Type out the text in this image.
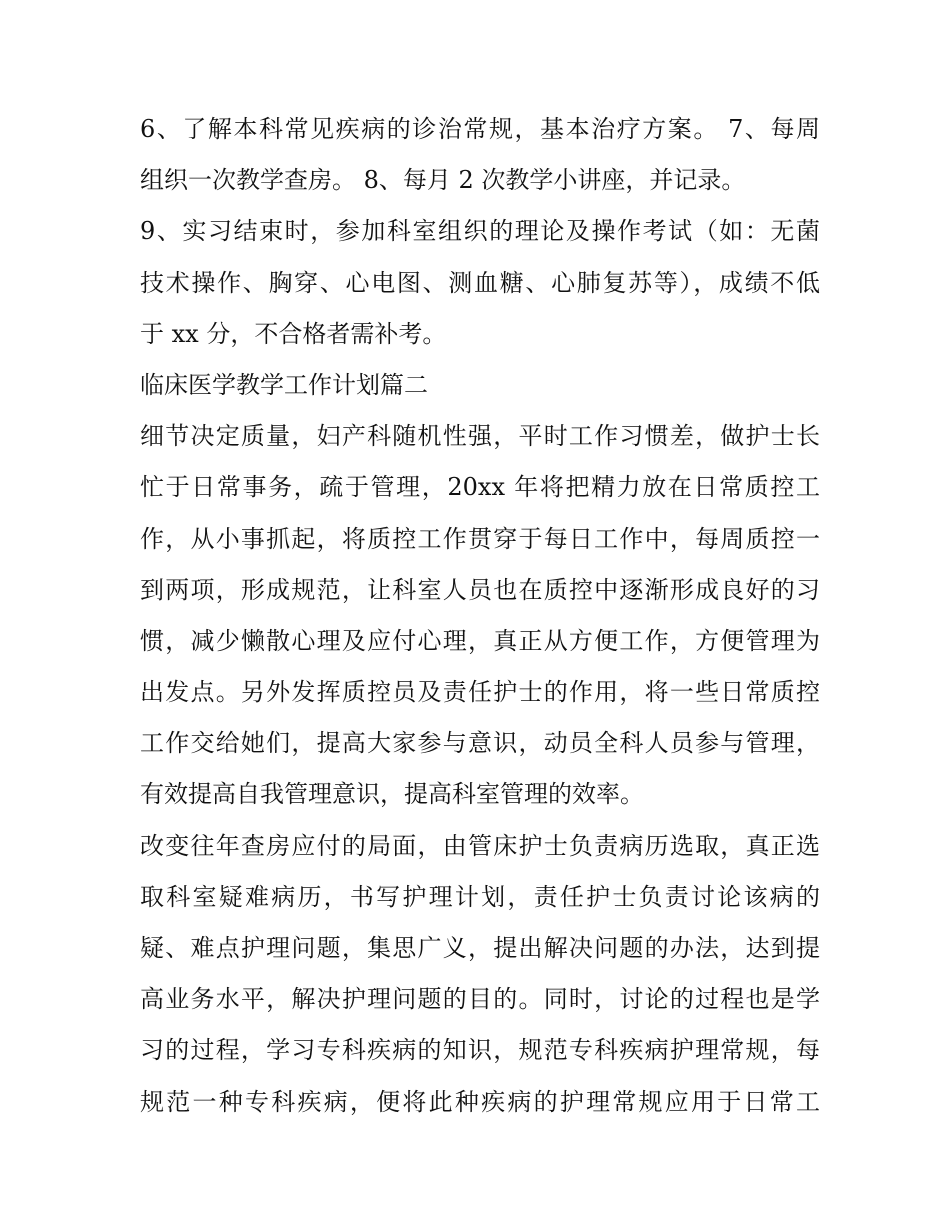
6、了解本科常见疾病的诊治常规，基本治疗方案。 7、每周
组织一次教学查房。 8、每月 2 次教学小讲座，并记录。
9、实习结束时，参加科室组织的理论及操作考试（如：无菌
技术操作、胸穿、心电图、测血糖、心肺复苏等），成绩不低
于 xx 分，不合格者需补考。
临床医学教学工作计划篇二
细节决定质量，妇产科随机性强，平时工作习惯差，做护士长
忙于日常事务，疏于管理，20xx 年将把精力放在日常质控工
作，从小事抓起，将质控工作贯穿于每日工作中，每周质控一
到两项，形成规范，让科室人员也在质控中逐渐形成良好的习
惯，减少懒散心理及应付心理，真正从方便工作，方便管理为
出发点。另外发挥质控员及责任护士的作用，将一些日常质控
工作交给她们，提高大家参与意识，动员全科人员参与管理，
有效提高自我管理意识，提高科室管理的效率。
改变往年查房应付的局面，由管床护士负责病历选取，真正选
取科室疑难病历，书写护理计划，责任护士负责讨论该病的
疑、难点护理问题，集思广义，提出解决问题的办法，达到提
高业务水平，解决护理问题的目的。同时，讨论的过程也是学
习的过程，学习专科疾病的知识，规范专科疾病护理常规，每
规范一种专科疾病，便将此种疾病的护理常规应用于日常工
